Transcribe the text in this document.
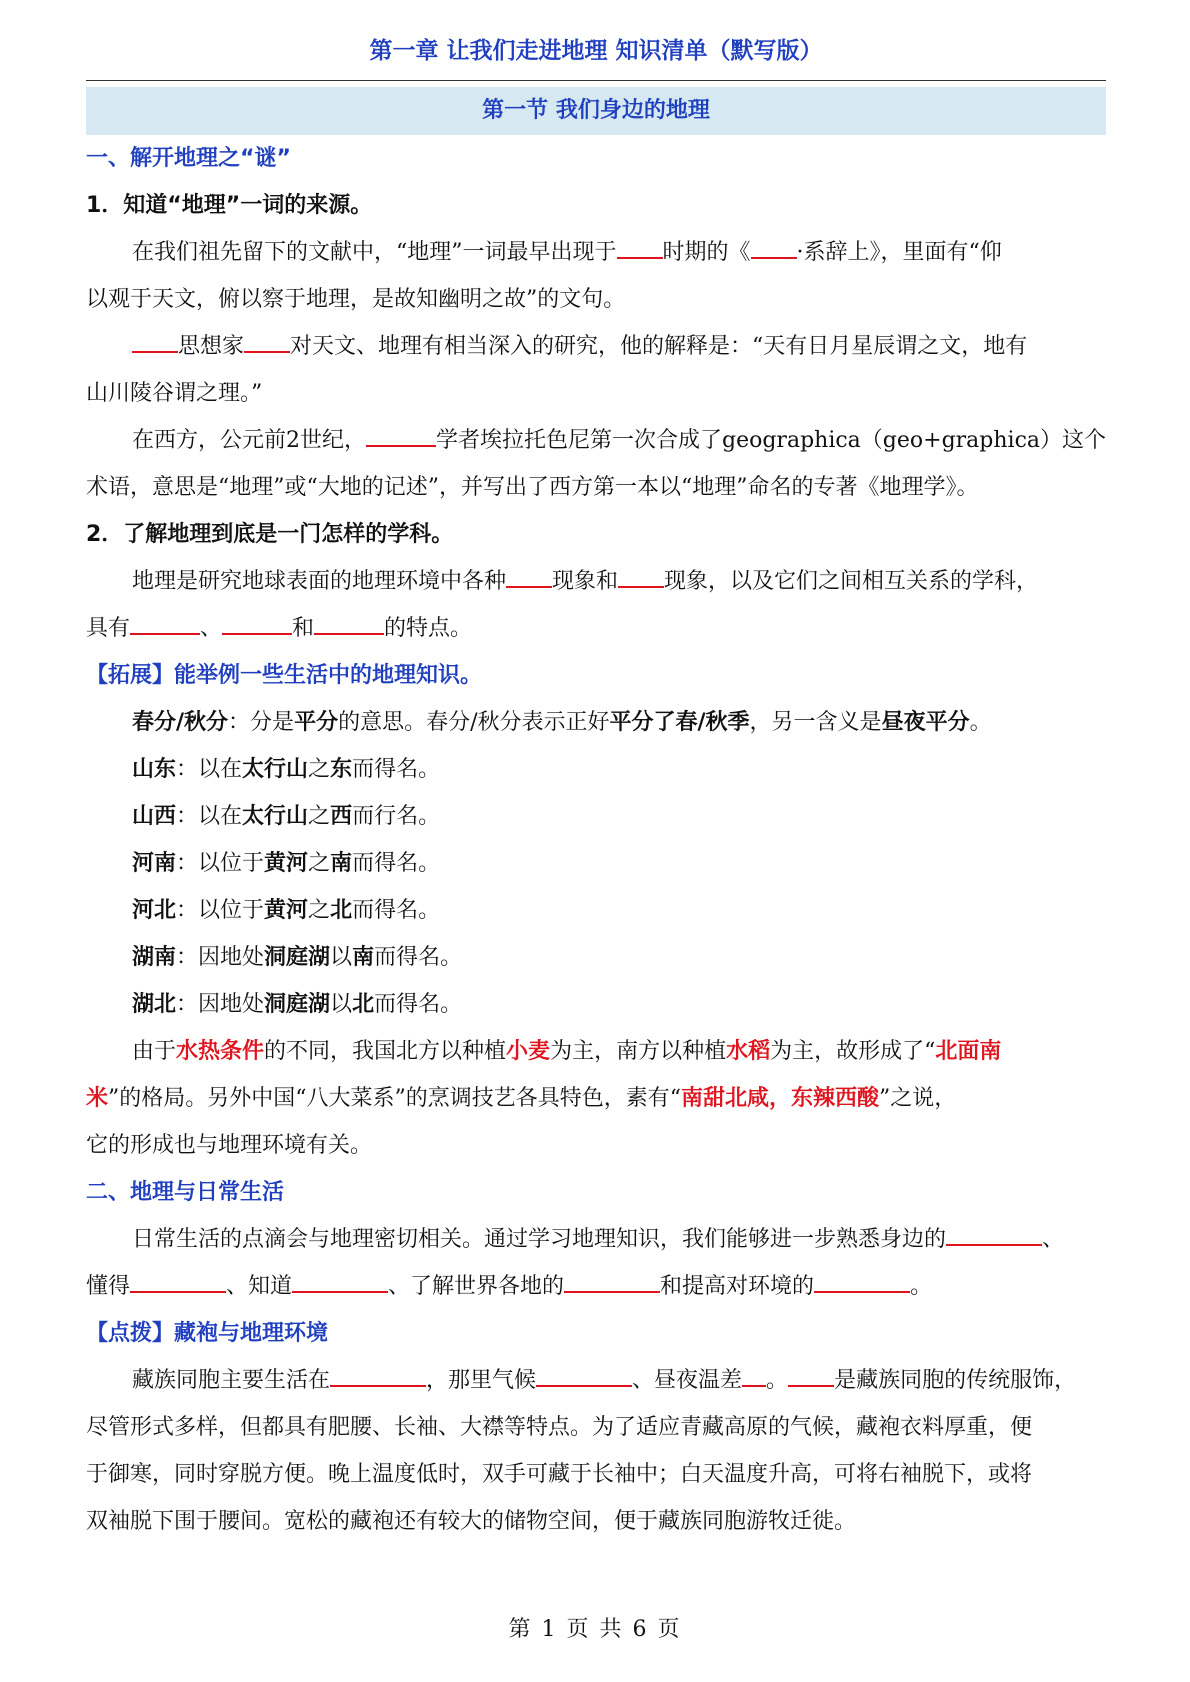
第一章 让我们走进地理 知识清单（默写版）
第一节 我们身边的地理
一、解开地理之“谜”
1．知道“地理”一词的来源。
在我们祖先留下的文献中，“地理”一词最早出现于 时期的《 ·系辞上》，里面有“仰
以观于天文，俯以察于地理，是故知幽明之故”的文句。
思想家 对天文、地理有相当深入的研究，他的解释是：“天有日月星辰谓之文，地有
山川陵谷谓之理。”
在西方，公元前2世纪，	学者埃拉托色尼第一次合成了geographica（geo+graphica）这个
术语，意思是“地理”或“大地的记述”，并写出了西方第一本以“地理”命名的专著《地理学》。
2．了解地理到底是一门怎样的学科。
地理是研究地球表面的地理环境中各种 现象和 现象，以及它们之间相互关系的学科，
具有	、	和	的特点。
【拓展】能举例一些生活中的地理知识。
春分/秋分：分是平分的意思。春分/秋分表示正好平分了春/秋季，另一含义是昼夜平分。
山东：以在太行山之东而得名。
山西：以在太行山之西而行名。
河南：以位于黄河之南而得名。
河北：以位于黄河之北而得名。
湖南：因地处洞庭湖以南而得名。
湖北：因地处洞庭湖以北而得名。
由于水热条件的不同，我国北方以种植小麦为主，南方以种植水稻为主，故形成了“北面南
米”的格局。另外中国“八大菜系”的烹调技艺各具特色，素有“南甜北咸，东辣西酸”之说，
它的形成也与地理环境有关。
二、地理与日常生活
日常生活的点滴会与地理密切相关。通过学习地理知识，我们能够进一步熟悉身边的	、
懂得	、知道	、了解世界各地的	和提高对环境的	。
【点拨】藏袍与地理环境
藏族同胞主要生活在	，那里气候	、昼夜温差 。 是藏族同胞的传统服饰，
尽管形式多样，但都具有肥腰、长袖、大襟等特点。为了适应青藏高原的气候，藏袍衣料厚重，便
于御寒，同时穿脱方便。晚上温度低时，双手可藏于长袖中；白天温度升高，可将右袖脱下，或将
双袖脱下围于腰间。宽松的藏袍还有较大的储物空间，便于藏族同胞游牧迁徙。
第 1 页 共 6 页
